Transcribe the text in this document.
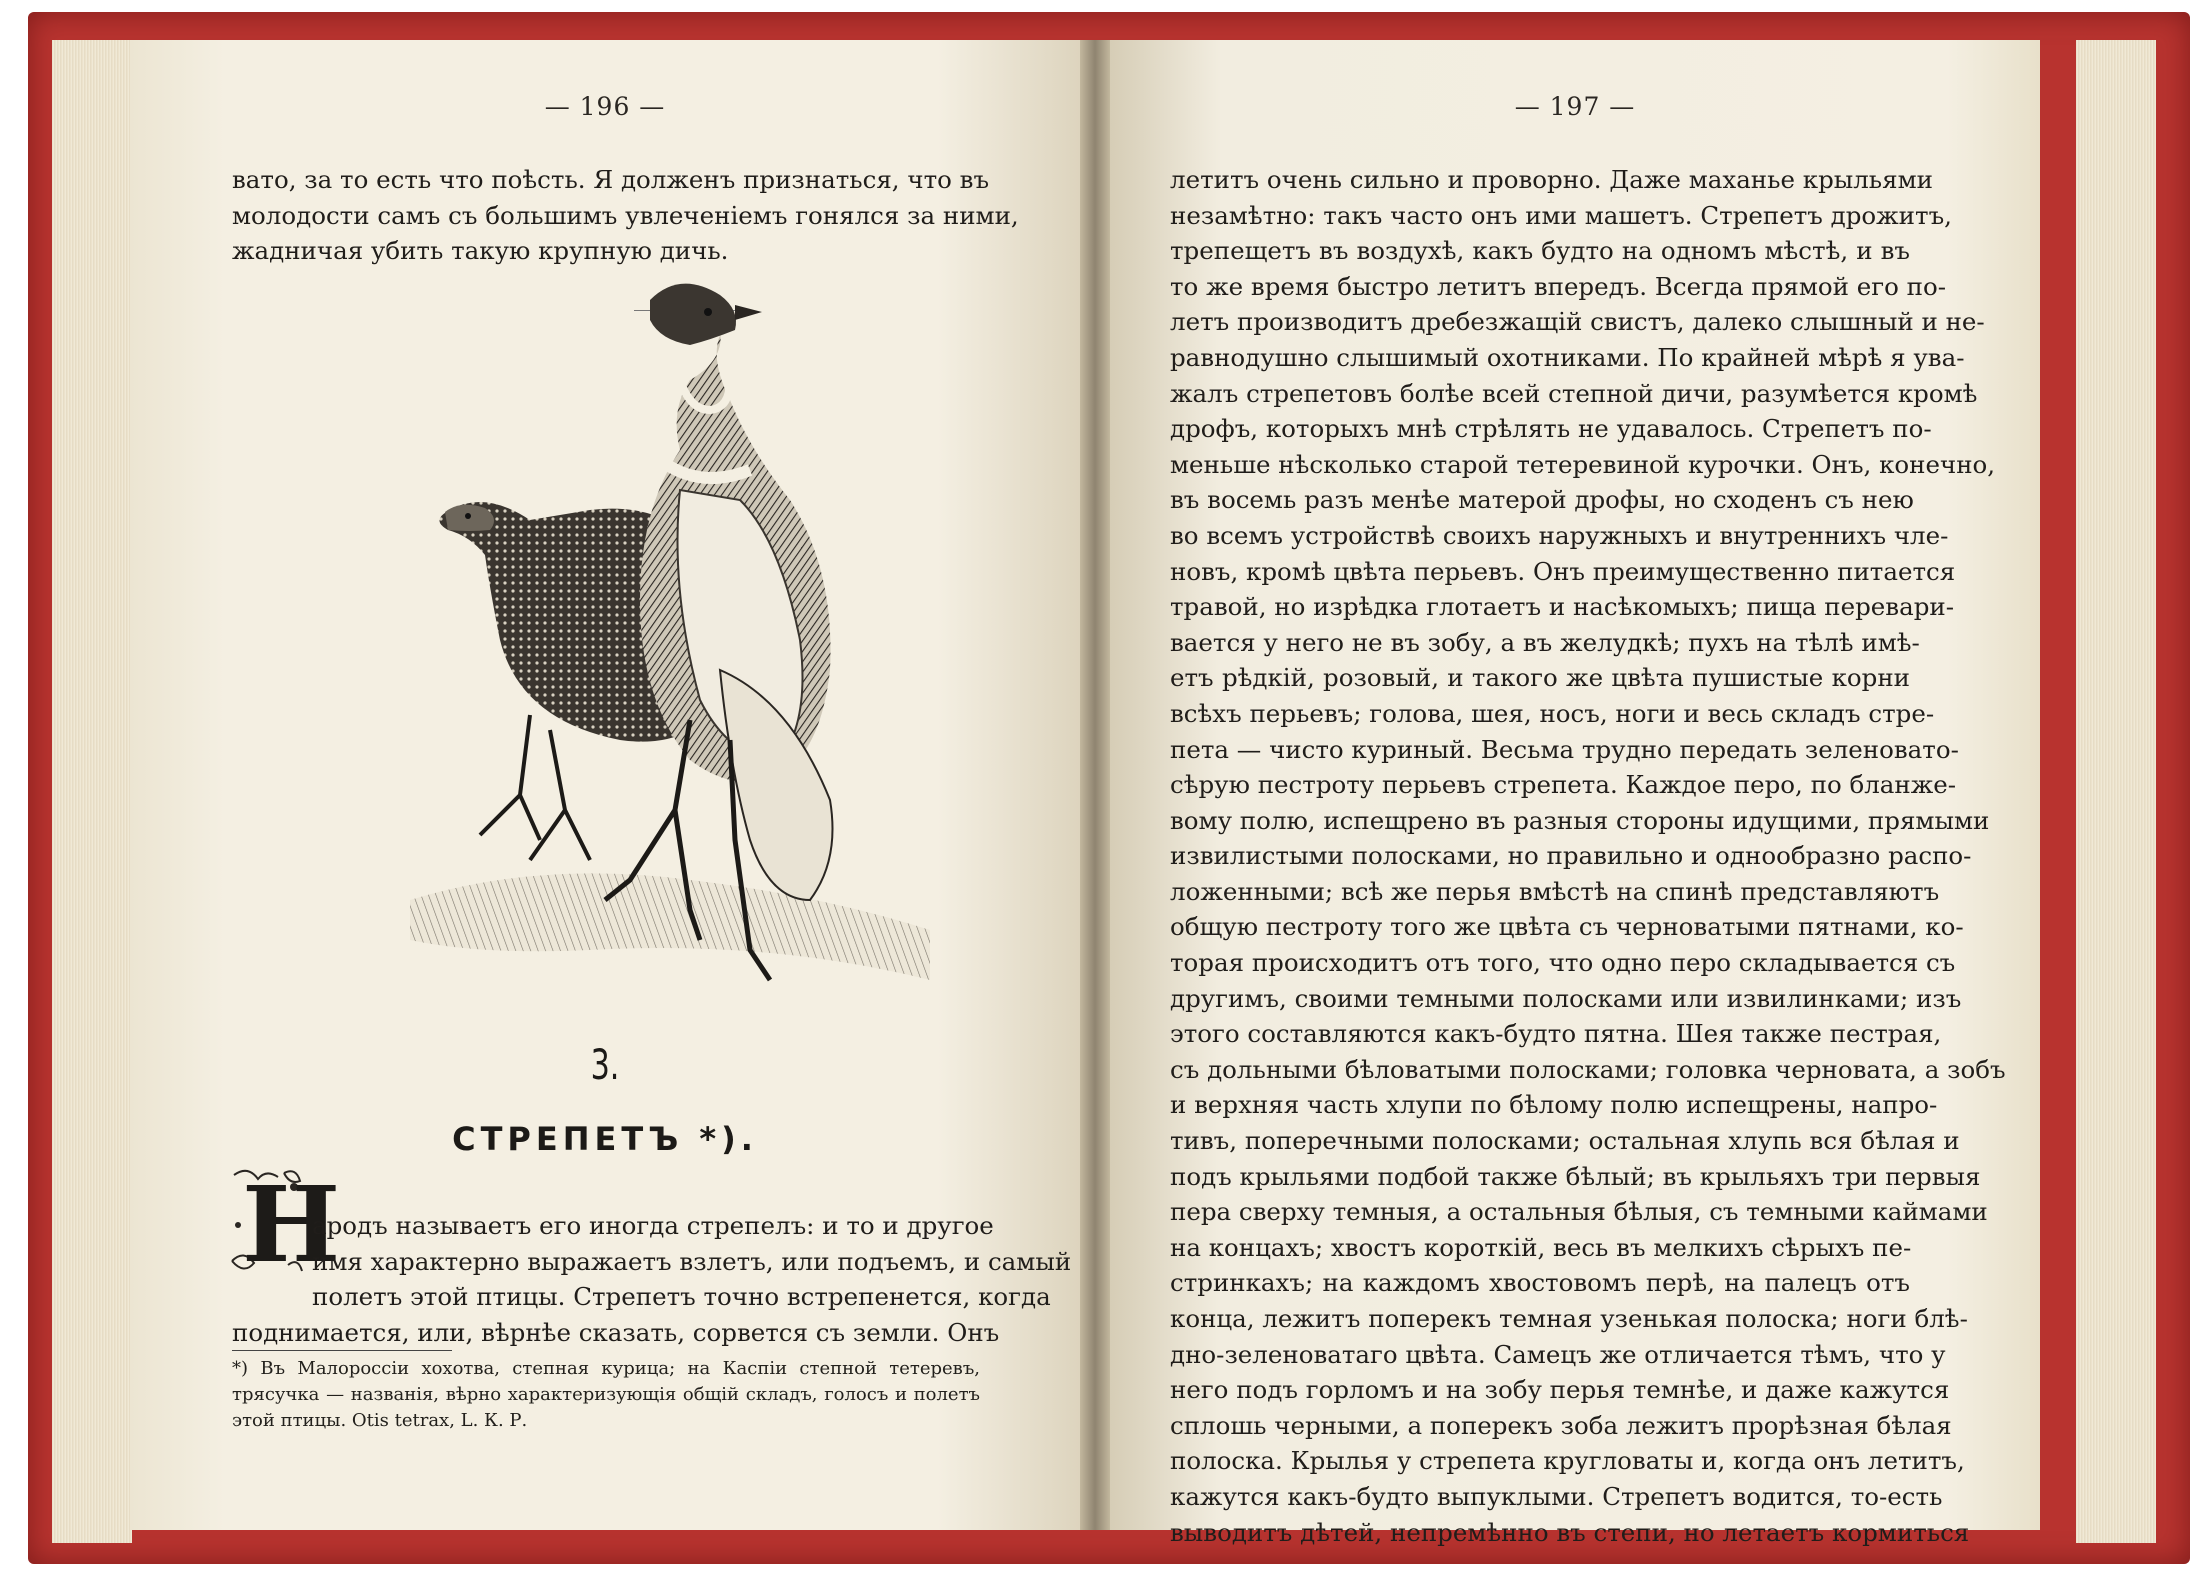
— 196 —
вато, за то есть что поѣсть. Я долженъ признаться, что въ
молодости самъ съ большимъ увлеченіемъ гонялся за ними,
жадничая убить такую крупную дичь.
3.
СТРЕПЕТЪ *).
Н
ародъ называетъ его иногда стрепелъ: и то и другое
имя характерно выражаетъ взлетъ, или подъемъ, и самый
полетъ этой птицы. Стрепетъ точно встрепенется, когда
поднимается, или, вѣрнѣе сказать, сорвется съ земли. Онъ
*) Въ Малороссіи хохотва, степная курица; на Каспіи степной тетеревъ,
трясучка — названія, вѣрно характеризующія общій складъ, голосъ и полетъ
этой птицы. Otis tetrax, L. К. Р.
— 197 —
летитъ очень сильно и проворно. Даже маханье крыльями
незамѣтно: такъ часто онъ ими машетъ. Стрепетъ дрожитъ,
трепещетъ въ воздухѣ, какъ будто на одномъ мѣстѣ, и въ
то же время быстро летитъ впередъ. Всегда прямой его по-
летъ производитъ дребезжащій свистъ, далеко слышный и не-
равнодушно слышимый охотниками. По крайней мѣрѣ я ува-
жалъ стрепетовъ болѣе всей степной дичи, разумѣется кромѣ
дрофъ, которыхъ мнѣ стрѣлять не удавалось. Стрепетъ по-
меньше нѣсколько старой тетеревиной курочки. Онъ, конечно,
въ восемь разъ менѣе матерой дрофы, но сходенъ съ нею
во всемъ устройствѣ своихъ наружныхъ и внутреннихъ чле-
новъ, кромѣ цвѣта перьевъ. Онъ преимущественно питается
травой, но изрѣдка глотаетъ и насѣкомыхъ; пища перевари-
вается у него не въ зобу, а въ желудкѣ; пухъ на тѣлѣ имѣ-
етъ рѣдкій, розовый, и такого же цвѣта пушистые корни
всѣхъ перьевъ; голова, шея, носъ, ноги и весь складъ стре-
пета — чисто куриный. Весьма трудно передать зеленовато-
сѣрую пестроту перьевъ стрепета. Каждое перо, по бланже-
вому полю, испещрено въ разныя стороны идущими, прямыми
извилистыми полосками, но правильно и однообразно распо-
ложенными; всѣ же перья вмѣстѣ на спинѣ представляютъ
общую пестроту того же цвѣта съ черноватыми пятнами, ко-
торая происходитъ отъ того, что одно перо складывается съ
другимъ, своими темными полосками или извилинками; изъ
этого составляются какъ-будто пятна. Шея также пестрая,
съ дольными бѣловатыми полосками; головка черновата, а зобъ
и верхняя часть хлупи по бѣлому полю испещрены, напро-
тивъ, поперечными полосками; остальная хлупь вся бѣлая и
подъ крыльями подбой также бѣлый; въ крыльяхъ три первыя
пера сверху темныя, а остальныя бѣлыя, съ темными каймами
на концахъ; хвостъ короткій, весь въ мелкихъ сѣрыхъ пе-
стринкахъ; на каждомъ хвостовомъ перѣ, на палецъ отъ
конца, лежитъ поперекъ темная узенькая полоска; ноги блѣ-
дно-зеленоватаго цвѣта. Самецъ же отличается тѣмъ, что у
него подъ горломъ и на зобу перья темнѣе, и даже кажутся
сплошь черными, а поперекъ зоба лежитъ прорѣзная бѣлая
полоска. Крылья у стрепета кругловаты и, когда онъ летитъ,
кажутся какъ-будто выпуклыми. Стрепетъ водится, то-есть
выводитъ дѣтей, непремѣнно въ степи, но летаетъ кормиться
